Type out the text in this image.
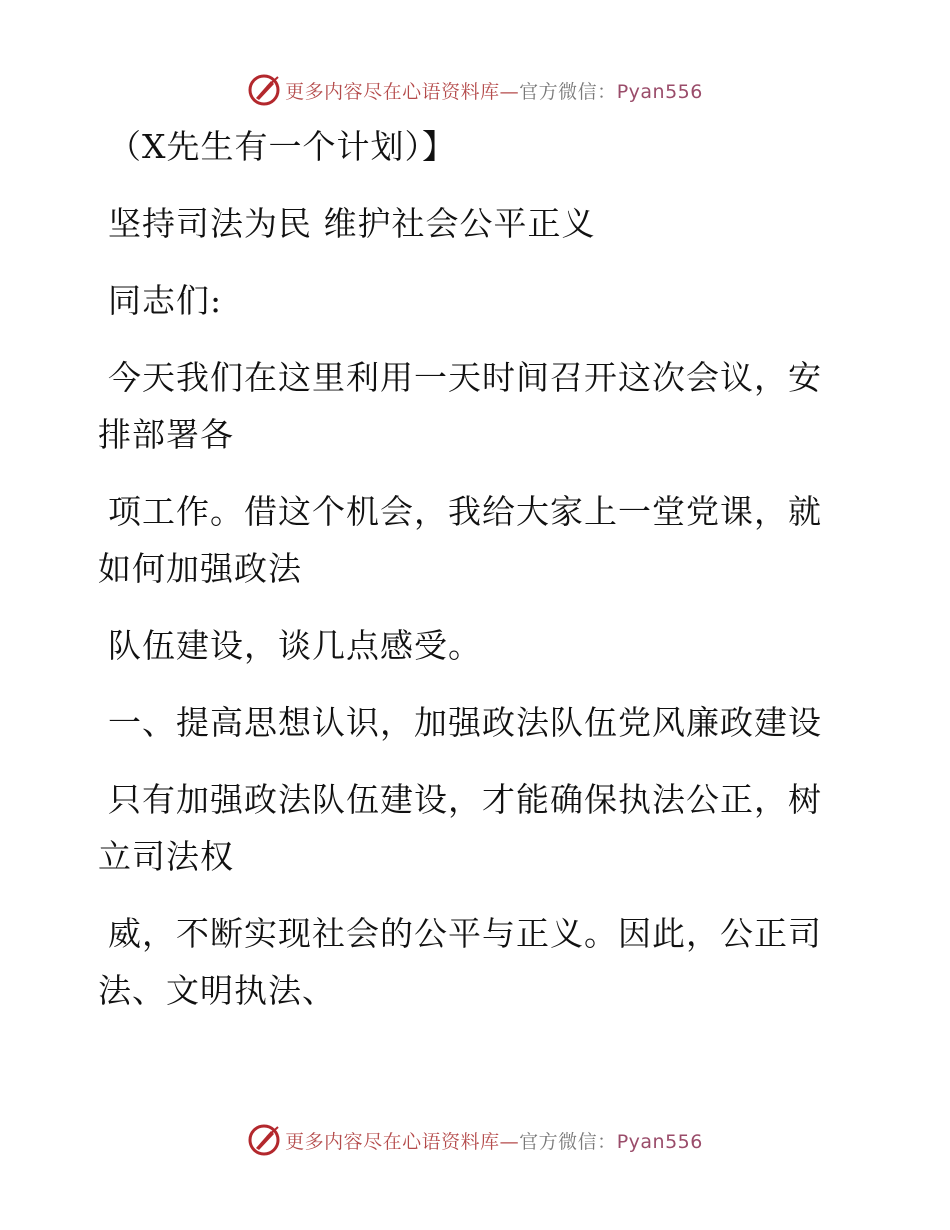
更多内容尽在心语资料库—官方微信：Pyan556
（X先生有一个计划）】
坚持司法为民 维护社会公平正义
同志们:
今天我们在这里利用一天时间召开这次会议，安
排部署各
项工作。借这个机会，我给大家上一堂党课，就
如何加强政法
队伍建设，谈几点感受。
一、提高思想认识，加强政法队伍党风廉政建设
只有加强政法队伍建设，才能确保执法公正，树
立司法权
威，不断实现社会的公平与正义。因此，公正司
法、文明执法、
更多内容尽在心语资料库—官方微信：Pyan556
